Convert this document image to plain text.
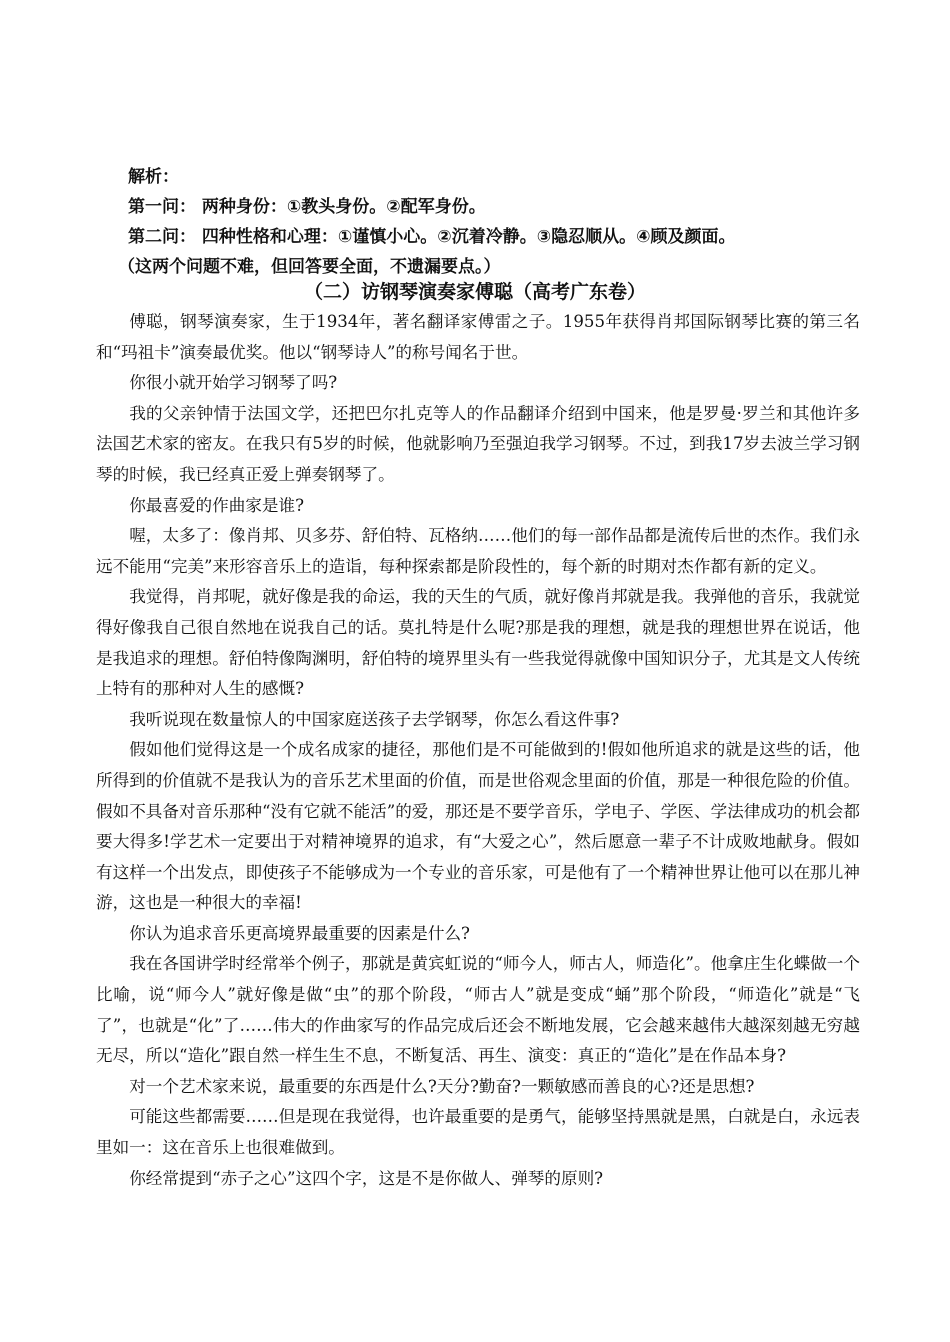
解析：

第一问： 两种身份：①教头身份。②配军身份。

第二问： 四种性格和心理：①谨慎小心。②沉着冷静。③隐忍顺从。④顾及颜面。

（这两个问题不难，但回答要全面，不遗漏要点。）

（二）访钢琴演奏家傅聪（高考广东卷）

傅聪，钢琴演奏家，生于1934年，著名翻译家傅雷之子。1955年获得肖邦国际钢琴比赛的第三名和“玛祖卡”演奏最优奖。他以“钢琴诗人”的称号闻名于世。

你很小就开始学习钢琴了吗?

我的父亲钟情于法国文学，还把巴尔扎克等人的作品翻译介绍到中国来，他是罗曼·罗兰和其他许多法国艺术家的密友。在我只有5岁的时候，他就影响乃至强迫我学习钢琴。不过，到我17岁去波兰学习钢琴的时候，我已经真正爱上弹奏钢琴了。

你最喜爱的作曲家是谁?

喔，太多了：像肖邦、贝多芬、舒伯特、瓦格纳……他们的每一部作品都是流传后世的杰作。我们永远不能用“完美”来形容音乐上的造诣，每种探索都是阶段性的，每个新的时期对杰作都有新的定义。

我觉得，肖邦呢，就好像是我的命运，我的天生的气质，就好像肖邦就是我。我弹他的音乐，我就觉得好像我自己很自然地在说我自己的话。莫扎特是什么呢?那是我的理想，就是我的理想世界在说话，他是我追求的理想。舒伯特像陶渊明，舒伯特的境界里头有一些我觉得就像中国知识分子，尤其是文人传统上特有的那种对人生的感慨?

我听说现在数量惊人的中国家庭送孩子去学钢琴，你怎么看这件事?

假如他们觉得这是一个成名成家的捷径，那他们是不可能做到的!假如他所追求的就是这些的话，他所得到的价值就不是我认为的音乐艺术里面的价值，而是世俗观念里面的价值，那是一种很危险的价值。假如不具备对音乐那种“没有它就不能活”的爱，那还是不要学音乐，学电子、学医、学法律成功的机会都要大得多!学艺术一定要出于对精神境界的追求，有“大爱之心”，然后愿意一辈子不计成败地献身。假如有这样一个出发点，即使孩子不能够成为一个专业的音乐家，可是他有了一个精神世界让他可以在那儿神游，这也是一种很大的幸福!

你认为追求音乐更高境界最重要的因素是什么?

我在各国讲学时经常举个例子，那就是黄宾虹说的“师今人，师古人，师造化”。他拿庄生化蝶做一个比喻，说“师今人”就好像是做“虫”的那个阶段，“师古人”就是变成“蛹”那个阶段，“师造化”就是“飞了”，也就是“化”了……伟大的作曲家写的作品完成后还会不断地发展，它会越来越伟大越深刻越无穷越无尽，所以“造化”跟自然一样生生不息，不断复活、再生、演变：真正的“造化”是在作品本身?

对一个艺术家来说，最重要的东西是什么?天分?勤奋?一颗敏感而善良的心?还是思想?

可能这些都需要……但是现在我觉得，也许最重要的是勇气，能够坚持黑就是黑，白就是白，永远表里如一：这在音乐上也很难做到。

你经常提到“赤子之心”这四个字，这是不是你做人、弹琴的原则?
